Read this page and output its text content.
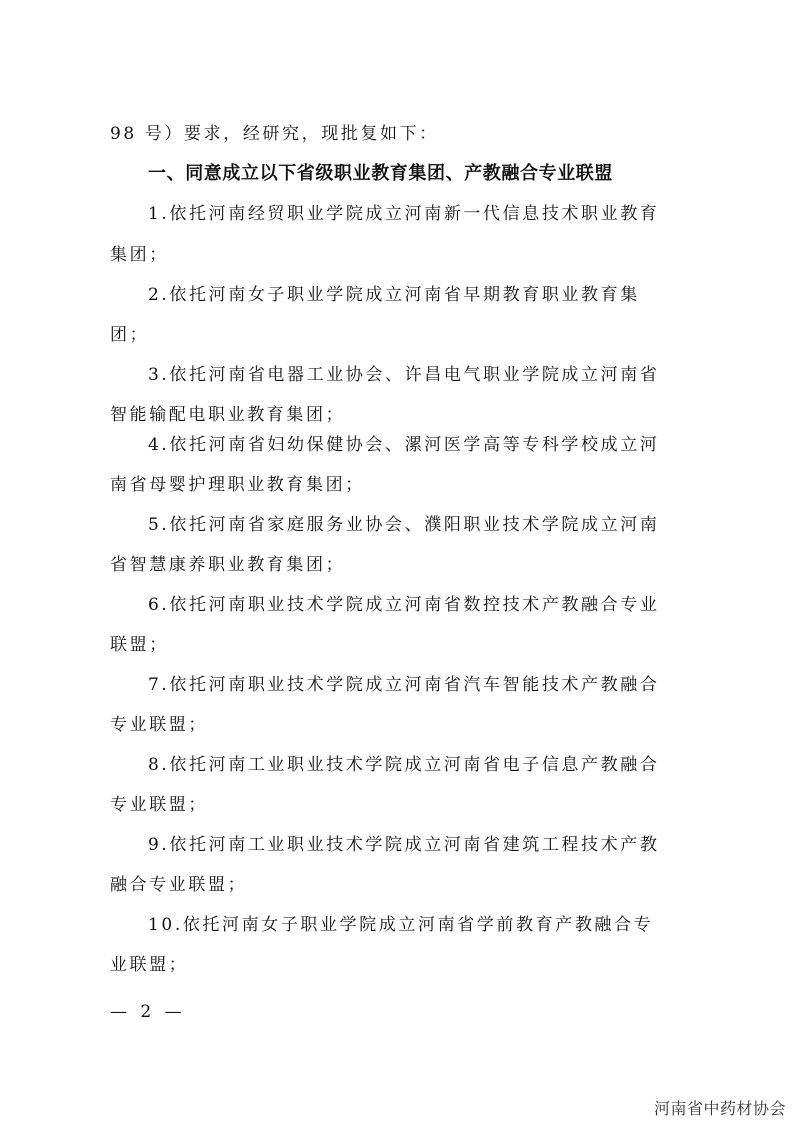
98 号）要求，经研究，现批复如下：
一、同意成立以下省级职业教育集团、产教融合专业联盟
1.依托河南经贸职业学院成立河南新一代信息技术职业教育
集团；
2.依托河南女子职业学院成立河南省早期教育职业教育集
团；
3.依托河南省电器工业协会、许昌电气职业学院成立河南省
智能输配电职业教育集团；
4.依托河南省妇幼保健协会、漯河医学高等专科学校成立河
南省母婴护理职业教育集团；
5.依托河南省家庭服务业协会、濮阳职业技术学院成立河南
省智慧康养职业教育集团；
6.依托河南职业技术学院成立河南省数控技术产教融合专业
联盟；
7.依托河南职业技术学院成立河南省汽车智能技术产教融合
专业联盟；
8.依托河南工业职业技术学院成立河南省电子信息产教融合
专业联盟；
9.依托河南工业职业技术学院成立河南省建筑工程技术产教
融合专业联盟；
10.依托河南女子职业学院成立河南省学前教育产教融合专
业联盟；
— 2 —
河南省中药材协会
